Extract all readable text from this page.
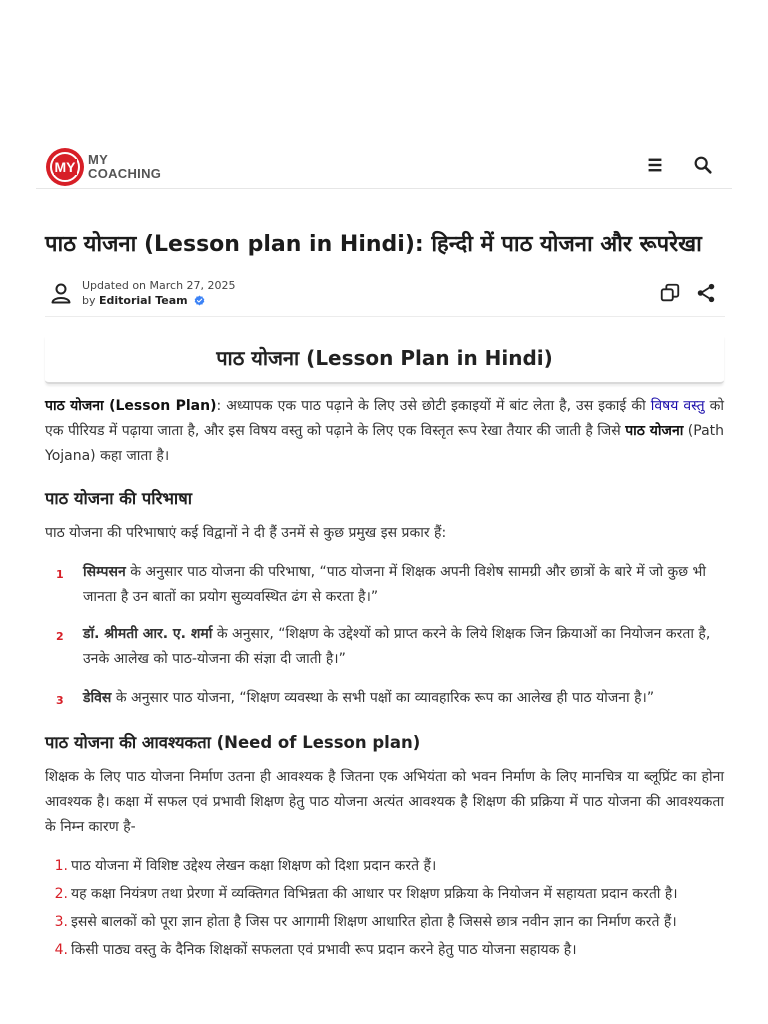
MY MY
COACHING
पाठ योजना (Lesson plan in Hindi): हिन्दी में पाठ योजना और रूपरेखा
Updated on March 27, 2025
by Editorial Team
पाठ योजना (Lesson Plan in Hindi)

पाठ योजना (Lesson Plan): अध्यापक एक पाठ पढ़ाने के लिए उसे छोटी इकाइयों में बांट लेता है, उस इकाई की विषय वस्तु को एक पीरियड में पढ़ाया जाता है, और इस विषय वस्तु को पढ़ाने के लिए एक विस्तृत रूप रेखा तैयार की जाती है जिसे पाठ योजना (Path Yojana) कहा जाता है।

पाठ योजना की परिभाषा

पाठ योजना की परिभाषाएं कई विद्वानों ने दी हैं उनमें से कुछ प्रमुख इस प्रकार हैं:

1 सिम्पसन के अनुसार पाठ योजना की परिभाषा, “पाठ योजना में शिक्षक अपनी विशेष सामग्री और छात्रों के बारे में जो कुछ भी जानता है उन बातों का प्रयोग सुव्यवस्थित ढंग से करता है।”
2 डॉ. श्रीमती आर. ए. शर्मा के अनुसार, “शिक्षण के उद्देश्यों को प्राप्त करने के लिये शिक्षक जिन क्रियाओं का नियोजन करता है, उनके आलेख को पाठ-योजना की संज्ञा दी जाती है।”
3 डेविस के अनुसार पाठ योजना, “शिक्षण व्यवस्था के सभी पक्षों का व्यावहारिक रूप का आलेख ही पाठ योजना है।”
पाठ योजना की आवश्यकता (Need of Lesson plan)

शिक्षक के लिए पाठ योजना निर्माण उतना ही आवश्यक है जितना एक अभियंता को भवन निर्माण के लिए मानचित्र या ब्लूप्रिंट का होना आवश्यक है। कक्षा में सफल एवं प्रभावी शिक्षण हेतु पाठ योजना अत्यंत आवश्यक है शिक्षण की प्रक्रिया में पाठ योजना की आवश्यकता के निम्न कारण है-

1. पाठ योजना में विशिष्ट उद्देश्य लेखन कक्षा शिक्षण को दिशा प्रदान करते हैं।
2. यह कक्षा नियंत्रण तथा प्रेरणा में व्यक्तिगत विभिन्नता की आधार पर शिक्षण प्रक्रिया के नियोजन में सहायता प्रदान करती है।
3. इससे बालकों को पूरा ज्ञान होता है जिस पर आगामी शिक्षण आधारित होता है जिससे छात्र नवीन ज्ञान का निर्माण करते हैं।
4. किसी पाठ्य वस्तु के दैनिक शिक्षकों सफलता एवं प्रभावी रूप प्रदान करने हेतु पाठ योजना सहायक है।
